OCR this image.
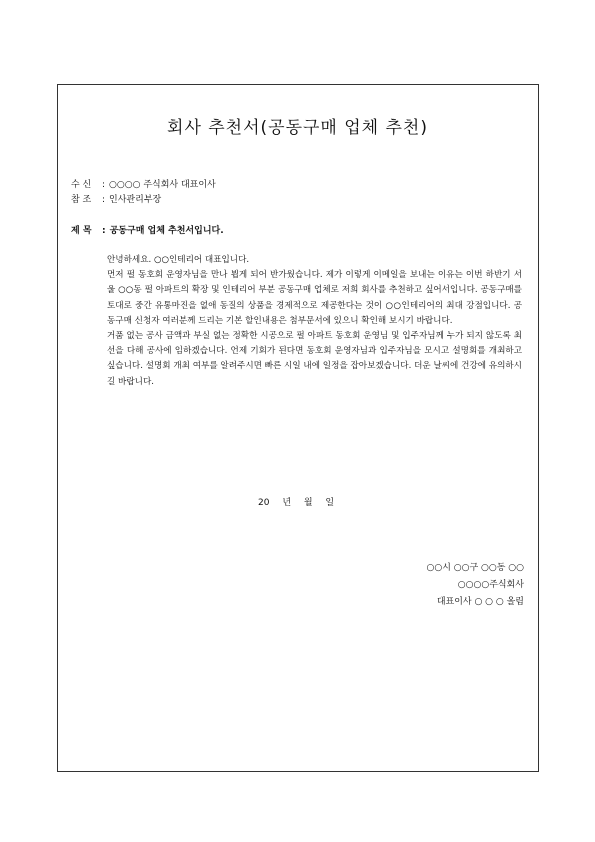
회사 추천서(공동구매 업체 추천)
수 신 : ○○○○ 주식회사 대표이사
참 조 : 인사관리부장
제 목 : 공동구매 업체 추천서입니다.

안녕하세요. ○○인테리어 대표입니다.

먼저 펄 동호회 운영자님을 만나 뵙게 되어 반가웠습니다. 제가 이렇게 이메일을 보내는 이유는 이번 하반기 서울 ○○동 펄 아파트의 확장 및 인테리어 부분 공동구매 업체로 저희 회사를 추천하고 싶어서입니다. 공동구매를 토대로 중간 유통마진을 없애 동질의 상품을 경제적으로 제공한다는 것이 ○○인테리어의 최대 강점입니다. 공동구매 신청자 여러분께 드리는 기본 할인내용은 첨부문서에 있으니 확인해 보시기 바랍니다.

거품 없는 공사 금액과 부실 없는 정확한 시공으로 펄 아파트 동호회 운영님 및 입주자님께 누가 되지 않도록 최선을 다해 공사에 임하겠습니다. 언제 기회가 된다면 동호회 운영자님과 입주자님을 모시고 설명회를 개최하고 싶습니다. 설명회 개최 여부를 알려주시면 빠른 시일 내에 일정을 잡아보겠습니다. 더운 날씨에 건강에 유의하시길 바랍니다.

20 년 월 일
○○시 ○○구 ○○동 ○○
○○○○주식회사
대표이사 ○ ○ ○ 올림
